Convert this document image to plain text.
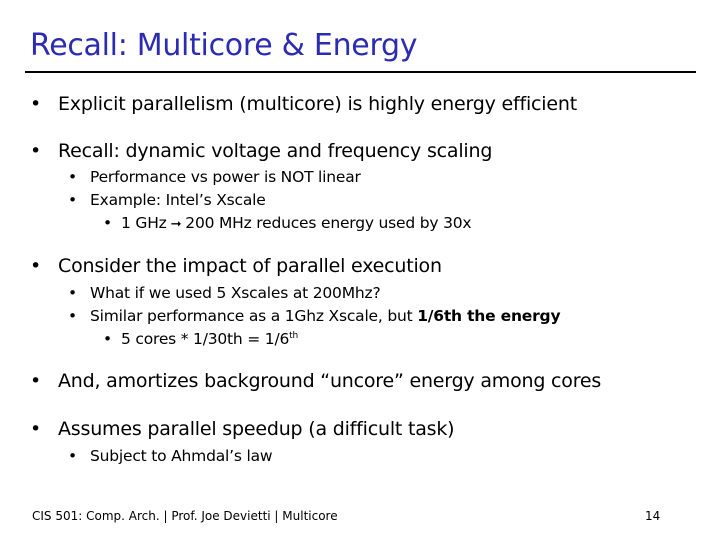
Recall: Multicore & Energy
• Explicit parallelism (multicore) is highly energy efficient
• Recall: dynamic voltage and frequency scaling
• Performance vs power is NOT linear
• Example: Intel’s Xscale
• 1 GHz ➞ 200 MHz reduces energy used by 30x
• Consider the impact of parallel execution
• What if we used 5 Xscales at 200Mhz?
• Similar performance as a 1Ghz Xscale, but 1/6th the energy
• 5 cores * 1/30th = 1/6th
• And, amortizes background “uncore” energy among cores
• Assumes parallel speedup (a difficult task)
• Subject to Ahmdal’s law
CIS 501: Comp. Arch. | Prof. Joe Devietti | Multicore	14
